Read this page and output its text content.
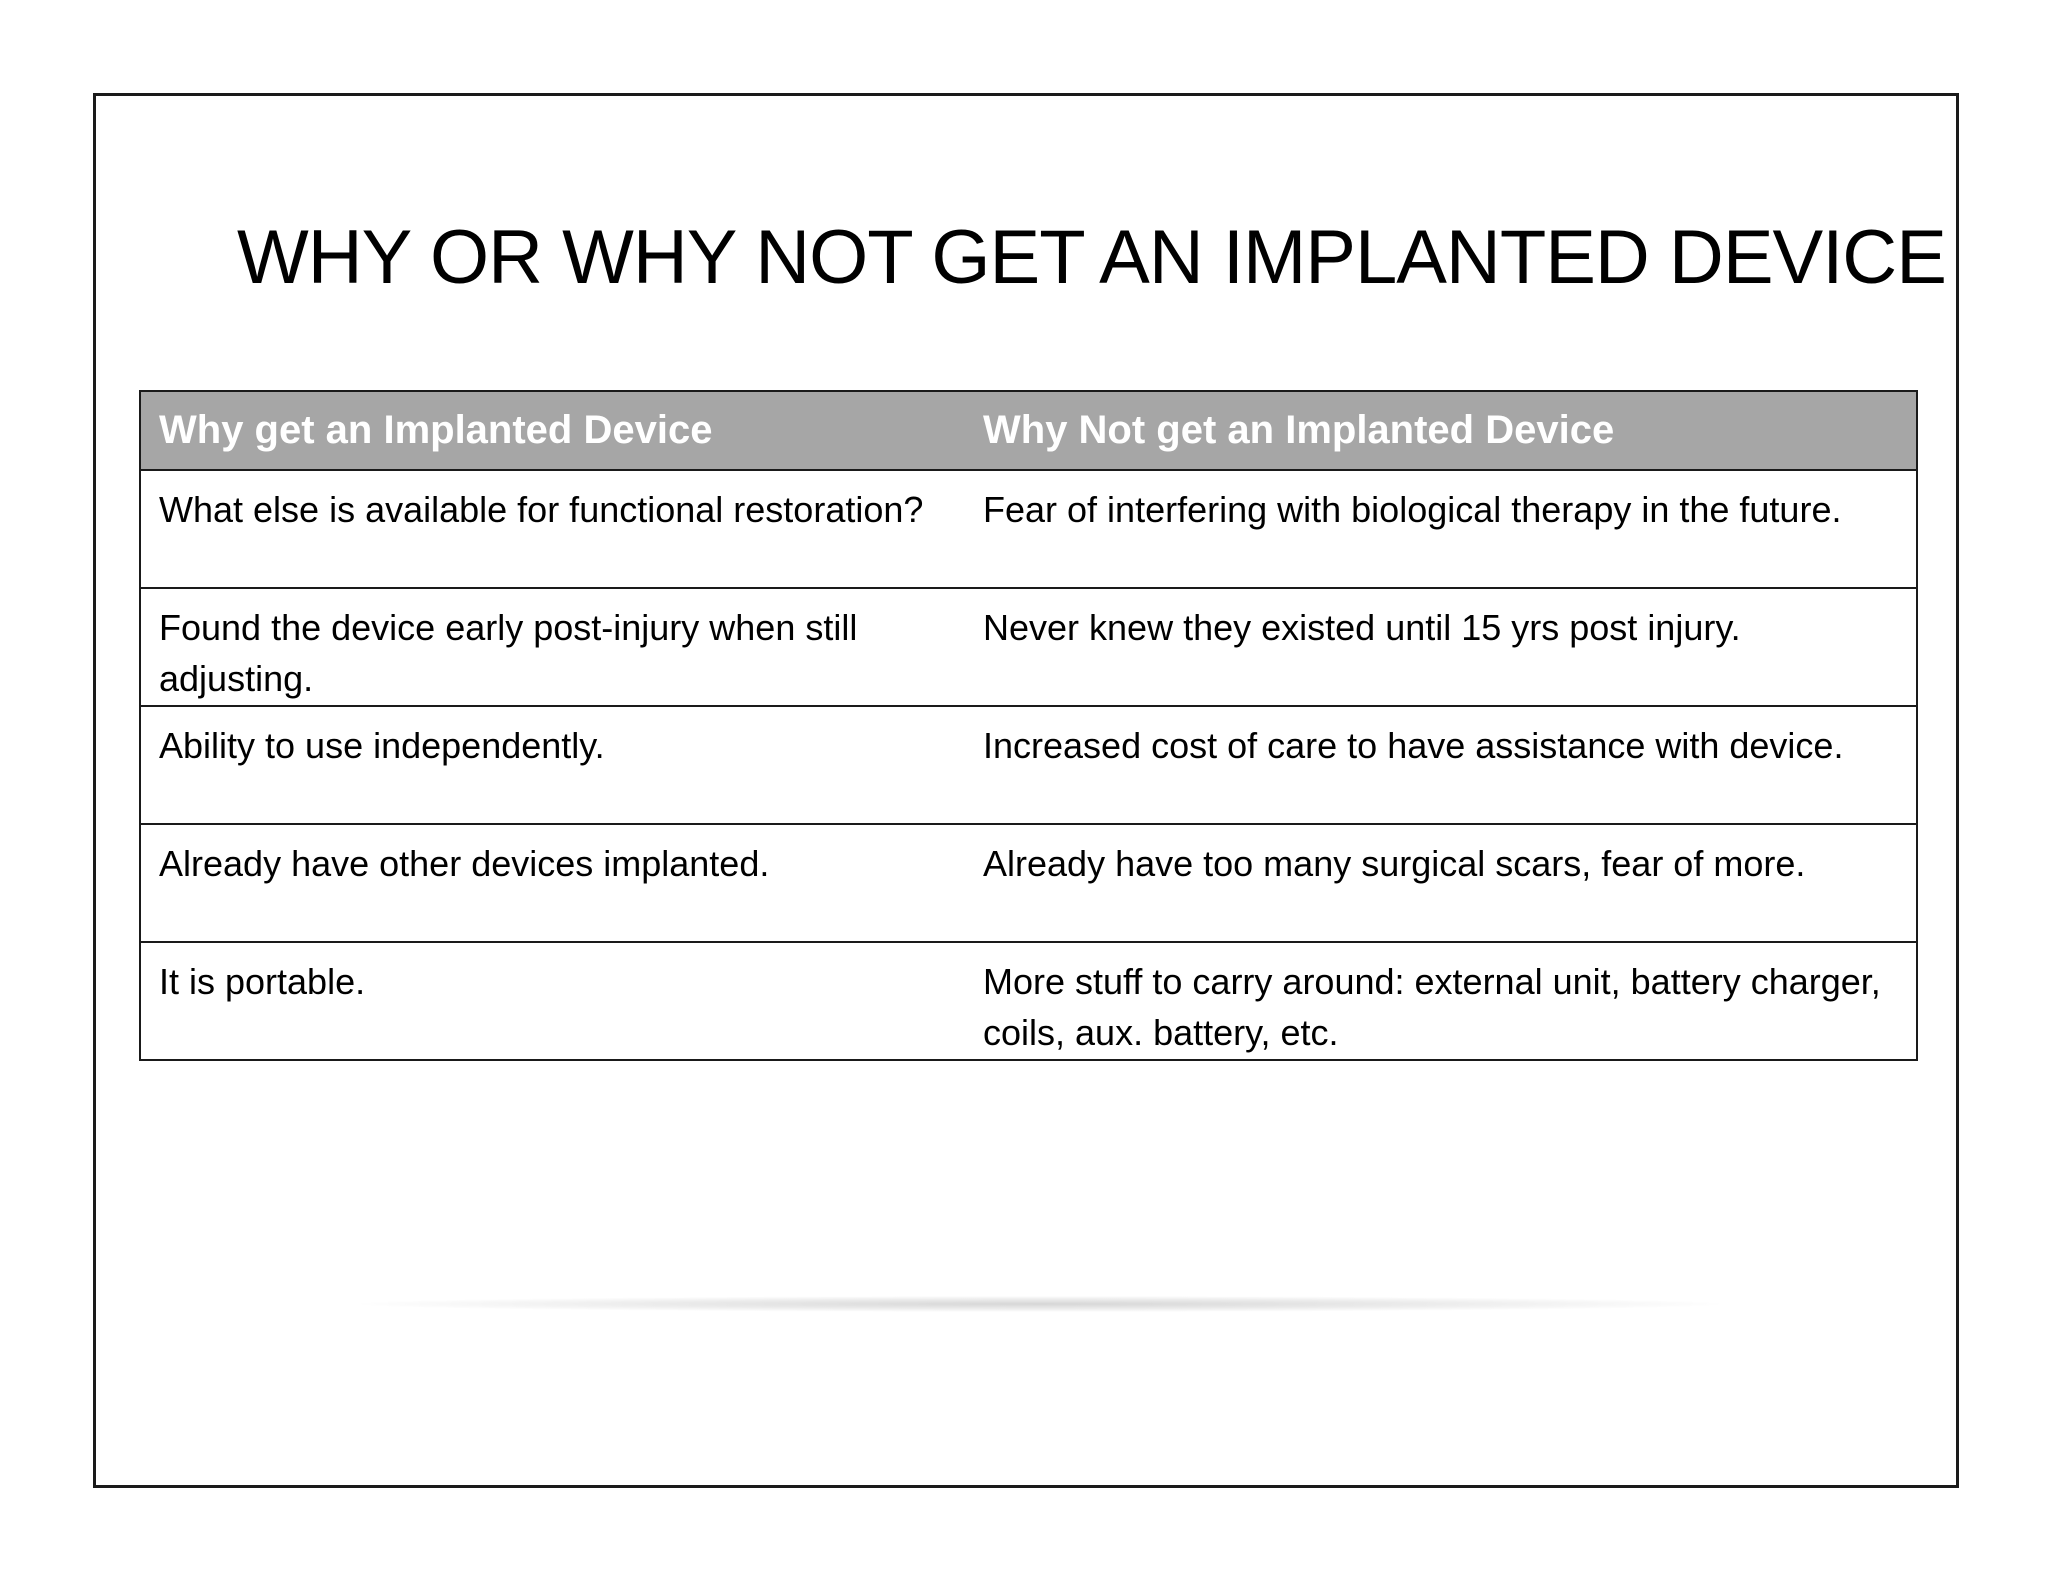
WHY OR WHY NOT GET AN IMPLANTED DEVICE
Why get an Implanted Device	Why Not get an Implanted Device
What else is available for functional restoration?	Fear of interfering with biological therapy in the future.
Found the device early post-injury when still adjusting.	Never knew they existed until 15 yrs post injury.
Ability to use independently.	Increased cost of care to have assistance with device.
Already have other devices implanted.	Already have too many surgical scars, fear of more.
It is portable.	More stuff to carry around: external unit, battery charger, coils, aux. battery, etc.
